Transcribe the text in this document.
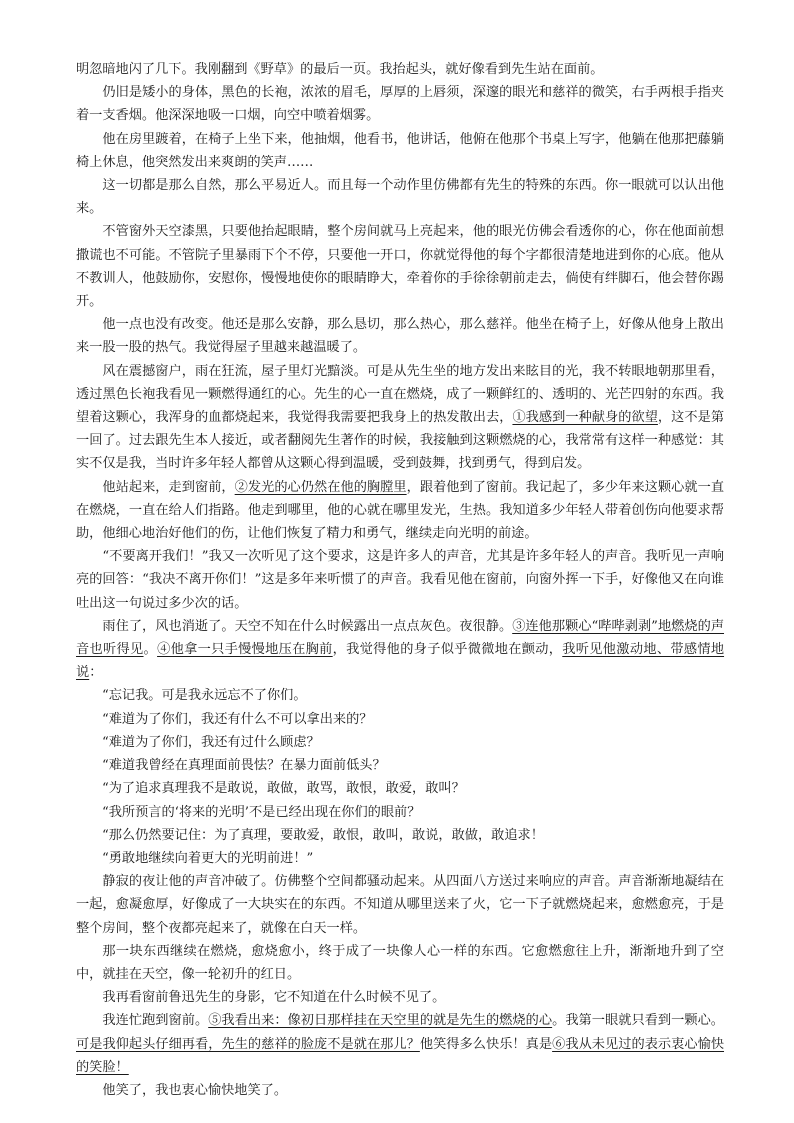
明忽暗地闪了几下。我刚翻到《野草》的最后一页。我抬起头，就好像看到先生站在面前。

仍旧是矮小的身体，黑色的长袍，浓浓的眉毛，厚厚的上唇须，深邃的眼光和慈祥的微笑，右手两根手指夹着一支香烟。他深深地吸一口烟，向空中喷着烟雾。

他在房里踱着，在椅子上坐下来，他抽烟，他看书，他讲话，他俯在他那个书桌上写字，他躺在他那把藤躺椅上休息，他突然发出来爽朗的笑声……

这一切都是那么自然，那么平易近人。而且每一个动作里仿佛都有先生的特殊的东西。你一眼就可以认出他来。

不管窗外天空漆黑，只要他抬起眼睛，整个房间就马上亮起来，他的眼光仿佛会看透你的心，你在他面前想撒谎也不可能。不管院子里暴雨下个不停，只要他一开口，你就觉得他的每个字都很清楚地进到你的心底。他从不教训人，他鼓励你，安慰你，慢慢地使你的眼睛睁大，牵着你的手徐徐朝前走去，倘使有绊脚石，他会替你踢开。

他一点也没有改变。他还是那么安静，那么恳切，那么热心，那么慈祥。他坐在椅子上，好像从他身上散出来一股一股的热气。我觉得屋子里越来越温暖了。

风在震撼窗户，雨在狂流，屋子里灯光黯淡。可是从先生坐的地方发出来眩目的光，我不转眼地朝那里看，透过黑色长袍我看见一颗燃得通红的心。先生的心一直在燃烧，成了一颗鲜红的、透明的、光芒四射的东西。我望着这颗心，我浑身的血都烧起来，我觉得我需要把我身上的热发散出去，①我感到一种献身的欲望，这不是第一回了。过去跟先生本人接近，或者翻阅先生著作的时候，我接触到这颗燃烧的心，我常常有这样一种感觉：其实不仅是我，当时许多年轻人都曾从这颗心得到温暖，受到鼓舞，找到勇气，得到启发。

他站起来，走到窗前，②发光的心仍然在他的胸膛里，跟着他到了窗前。我记起了，多少年来这颗心就一直在燃烧，一直在给人们指路。他走到哪里，他的心就在哪里发光，生热。我知道多少年轻人带着创伤向他要求帮助，他细心地治好他们的伤，让他们恢复了精力和勇气，继续走向光明的前途。

“不要离开我们！”我又一次听见了这个要求，这是许多人的声音，尤其是许多年轻人的声音。我听见一声响亮的回答：“我决不离开你们！”这是多年来听惯了的声音。我看见他在窗前，向窗外挥一下手，好像他又在向谁吐出这一句说过多少次的话。

雨住了，风也消逝了。天空不知在什么时候露出一点点灰色。夜很静。③连他那颗心“哔哔剥剥”地燃烧的声音也听得见。④他拿一只手慢慢地压在胸前，我觉得他的身子似乎微微地在颤动，我听见他激动地、带感情地说：

“忘记我。可是我永远忘不了你们。

“难道为了你们，我还有什么不可以拿出来的？

“难道为了你们，我还有过什么顾虑？

“难道我曾经在真理面前畏怯？在暴力面前低头？

“为了追求真理我不是敢说，敢做，敢骂，敢恨，敢爱，敢叫？

“我所预言的‘将来的光明’不是已经出现在你们的眼前？

“那么仍然要记住：为了真理，要敢爱，敢恨，敢叫，敢说，敢做，敢追求！

“勇敢地继续向着更大的光明前进！”

静寂的夜让他的声音冲破了。仿佛整个空间都骚动起来。从四面八方送过来响应的声音。声音渐渐地凝结在一起，愈凝愈厚，好像成了一大块实在的东西。不知道从哪里送来了火，它一下子就燃烧起来，愈燃愈亮，于是整个房间，整个夜都亮起来了，就像在白天一样。

那一块东西继续在燃烧，愈烧愈小，终于成了一块像人心一样的东西。它愈燃愈往上升，渐渐地升到了空中，就挂在天空，像一轮初升的红日。

我再看窗前鲁迅先生的身影，它不知道在什么时候不见了。

我连忙跑到窗前。⑤我看出来：像初日那样挂在天空里的就是先生的燃烧的心。我第一眼就只看到一颗心。可是我仰起头仔细再看，先生的慈祥的脸庞不是就在那儿？他笑得多么快乐！真是⑥我从未见过的表示衷心愉快的笑脸！

他笑了，我也衷心愉快地笑了。
